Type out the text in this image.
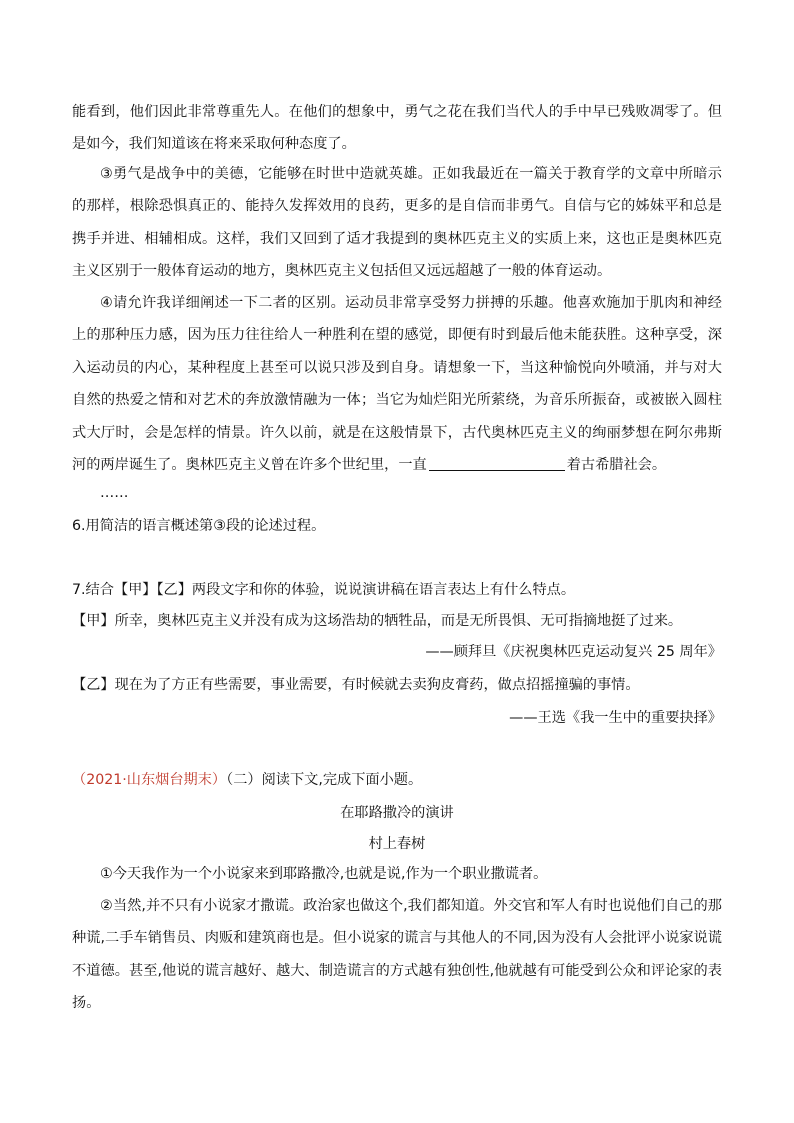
能看到，他们因此非常尊重先人。在他们的想象中，勇气之花在我们当代人的手中早已残败凋零了。但是如今，我们知道该在将来采取何种态度了。

③勇气是战争中的美德，它能够在时世中造就英雄。正如我最近在一篇关于教育学的文章中所暗示的那样，根除恐惧真正的、能持久发挥效用的良药，更多的是自信而非勇气。自信与它的姊妹平和总是携手并进、相辅相成。这样，我们又回到了适才我提到的奥林匹克主义的实质上来，这也正是奥林匹克主义区别于一般体育运动的地方，奥林匹克主义包括但又远远超越了一般的体育运动。

④请允许我详细阐述一下二者的区别。运动员非常享受努力拼搏的乐趣。他喜欢施加于肌肉和神经上的那种压力感，因为压力往往给人一种胜利在望的感觉，即便有时到最后他未能获胜。这种享受，深入运动员的内心，某种程度上甚至可以说只涉及到自身。请想象一下，当这种愉悦向外喷涌，并与对大自然的热爱之情和对艺术的奔放激情融为一体；当它为灿烂阳光所萦绕，为音乐所振奋，或被嵌入圆柱式大厅时，会是怎样的情景。许久以前，就是在这般情景下，古代奥林匹克主义的绚丽梦想在阿尔弗斯河的两岸诞生了。奥林匹克主义曾在许多个世纪里，一直	着古希腊社会。

……

6.用简洁的语言概述第③段的论述过程。

7.结合【甲】【乙】两段文字和你的体验，说说演讲稿在语言表达上有什么特点。

【甲】所幸，奥林匹克主义并没有成为这场浩劫的牺牲品，而是无所畏惧、无可指摘地挺了过来。

——顾拜旦《庆祝奥林匹克运动复兴 25 周年》

【乙】现在为了方正有些需要，事业需要，有时候就去卖狗皮膏药，做点招摇撞骗的事情。

——王选《我一生中的重要抉择》

（2021·山东烟台期末）（二）阅读下文,完成下面小题。

在耶路撒冷的演讲

村上春树

①今天我作为一个小说家来到耶路撒冷,也就是说,作为一个职业撒谎者。

②当然,并不只有小说家才撒谎。政治家也做这个,我们都知道。外交官和军人有时也说他们自己的那种谎,二手车销售员、肉贩和建筑商也是。但小说家的谎言与其他人的不同,因为没有人会批评小说家说谎不道德。甚至,他说的谎言越好、越大、制造谎言的方式越有独创性,他就越有可能受到公众和评论家的表扬。
